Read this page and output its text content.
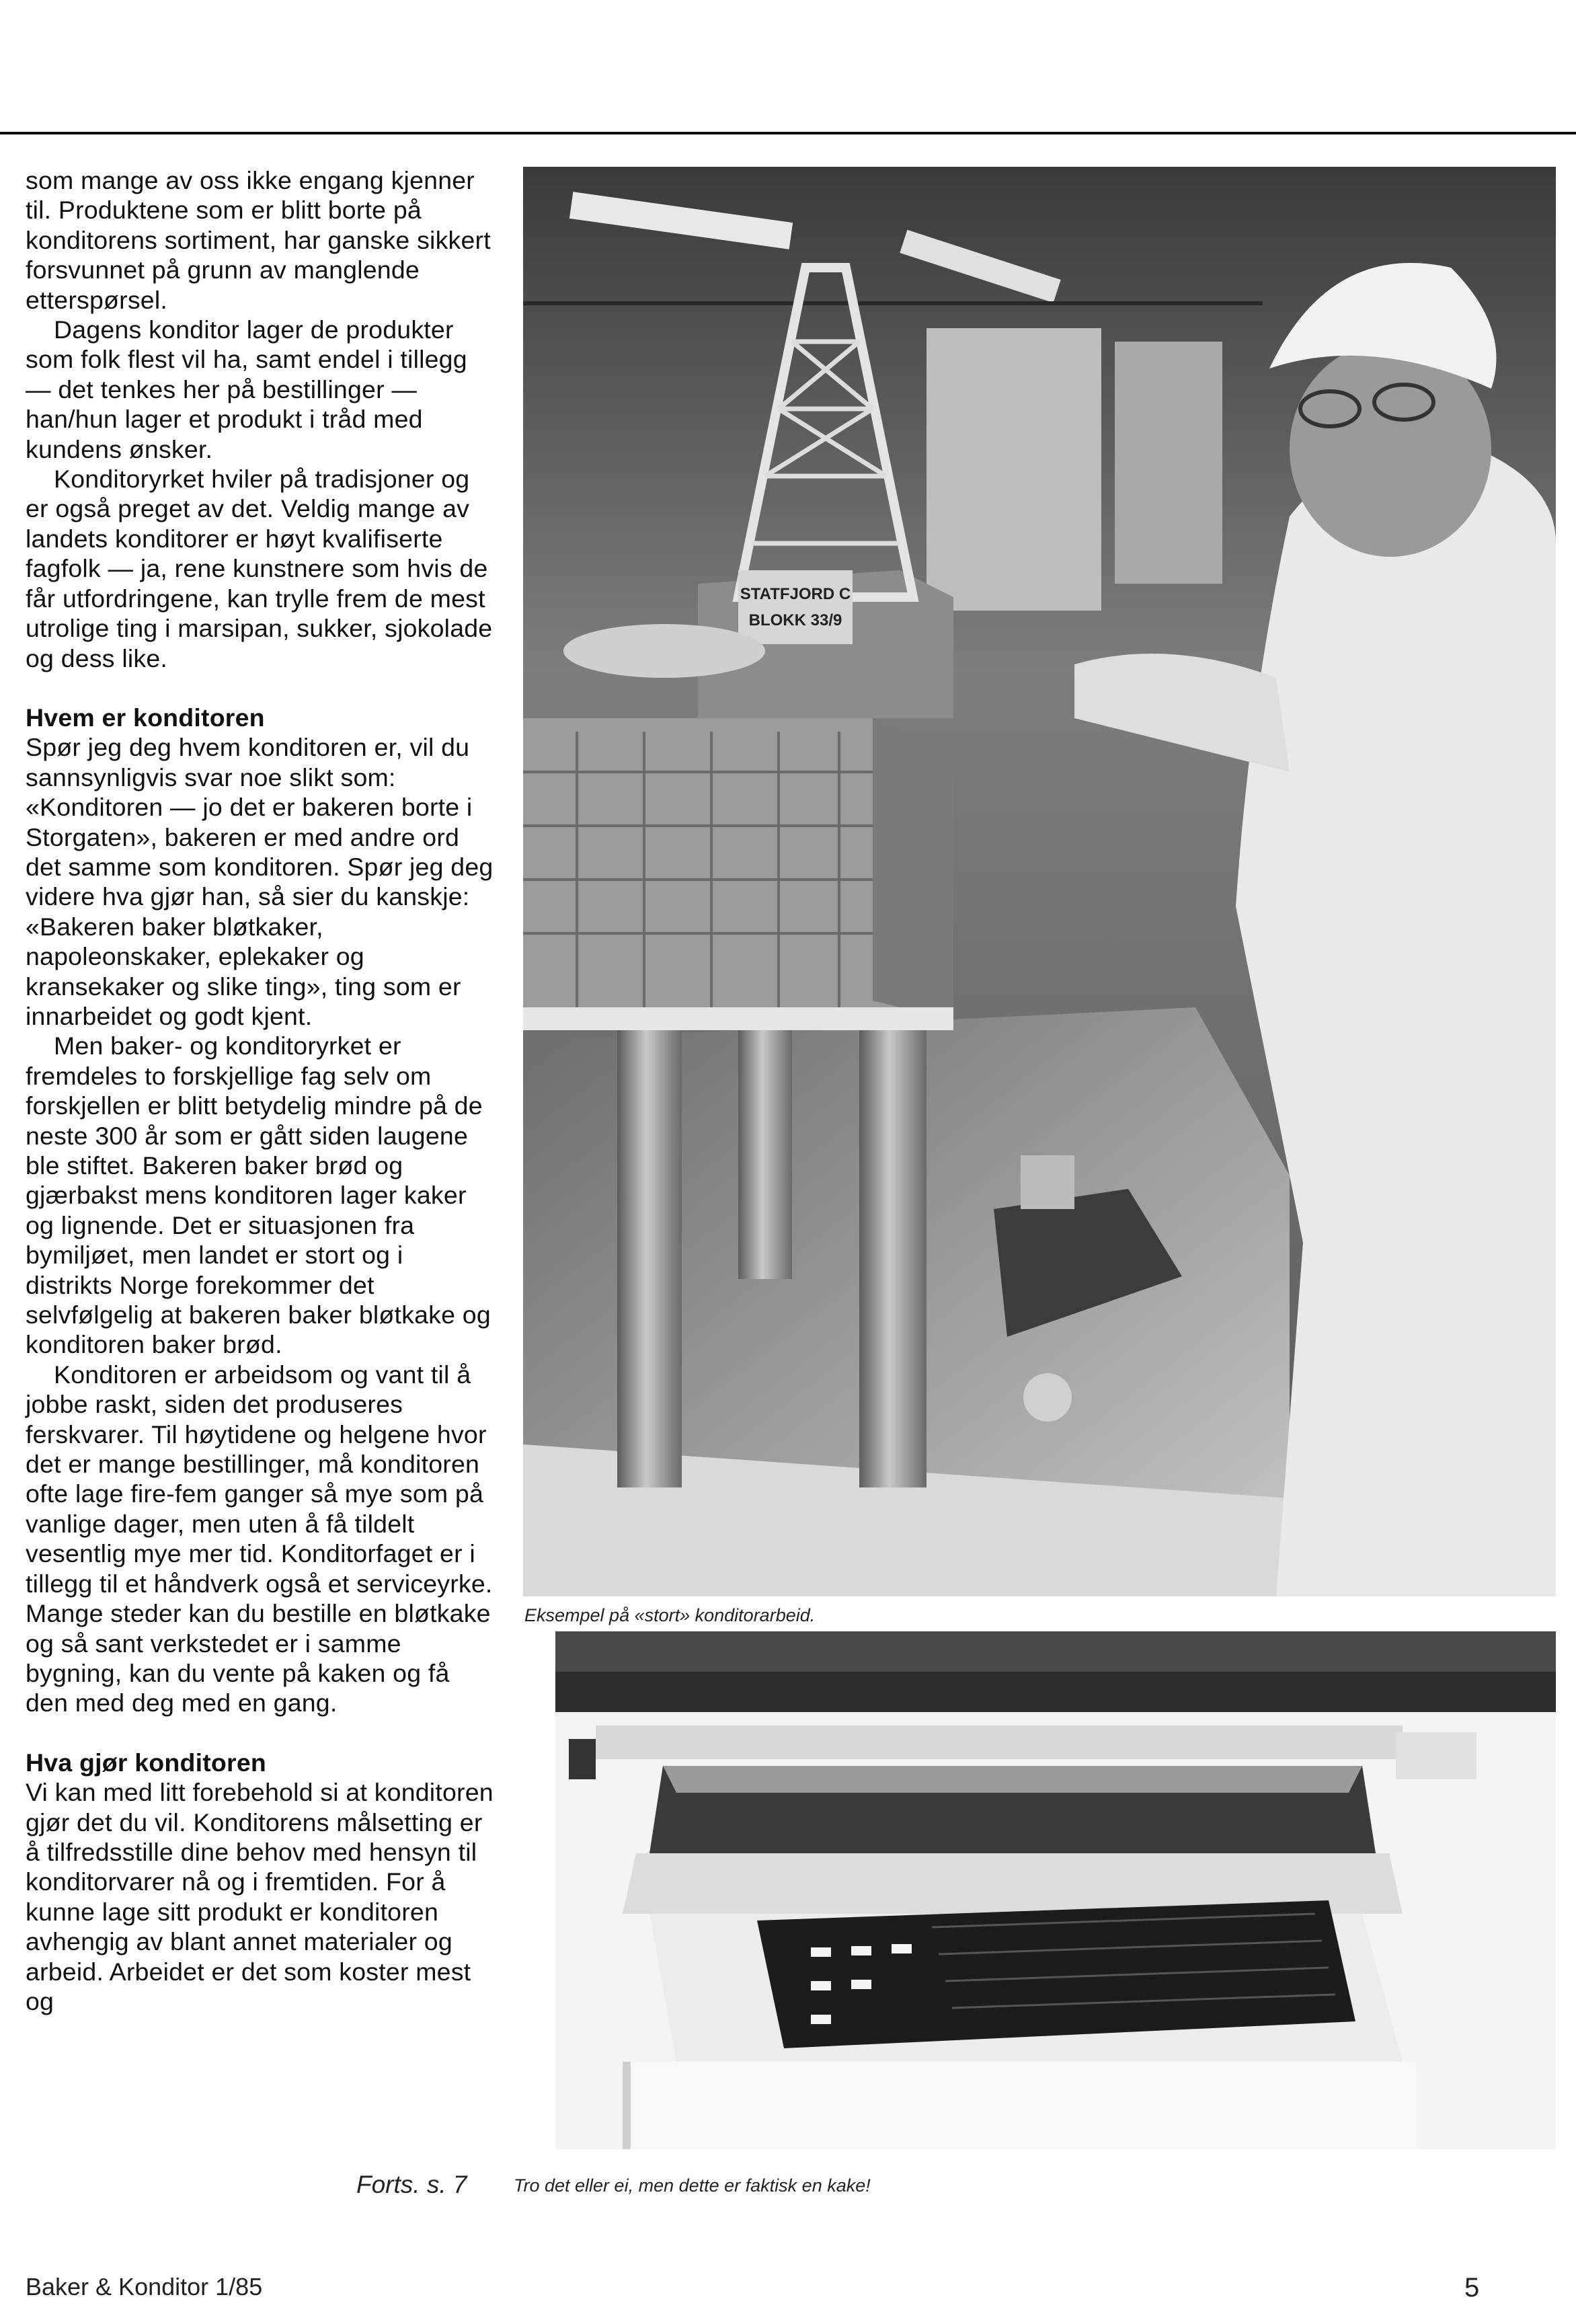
som mange av oss ikke engang kjenner til. Produktene som er blitt borte på konditorens sortiment, har ganske sikkert forsvunnet på grunn av manglende etterspørsel.

Dagens konditor lager de produkter som folk flest vil ha, samt endel i tillegg — det tenkes her på bestillinger — han/hun lager et produkt i tråd med kundens ønsker.

Konditoryrket hviler på tradisjoner og er også preget av det. Veldig mange av landets konditorer er høyt kvalifiserte fagfolk — ja, rene kunstnere som hvis de får utfordringene, kan trylle frem de mest utrolige ting i marsipan, sukker, sjokolade og dess like.

Hvem er konditoren

Spør jeg deg hvem konditoren er, vil du sannsynligvis svar noe slikt som: «Konditoren — jo det er bakeren borte i Storgaten», bakeren er med andre ord det samme som konditoren. Spør jeg deg videre hva gjør han, så sier du kanskje: «Bakeren baker bløtkaker, napoleonskaker, eplekaker og kransekaker og slike ting», ting som er innarbeidet og godt kjent.

Men baker- og konditoryrket er fremdeles to forskjellige fag selv om forskjellen er blitt betydelig mindre på de neste 300 år som er gått siden laugene ble stiftet. Bakeren baker brød og gjærbakst mens konditoren lager kaker og lignende. Det er situasjonen fra bymiljøet, men landet er stort og i distrikts Norge forekommer det selvfølgelig at bakeren baker bløtkake og konditoren baker brød.

Konditoren er arbeidsom og vant til å jobbe raskt, siden det produseres ferskvarer. Til høytidene og helgene hvor det er mange bestillinger, må konditoren ofte lage fire-fem ganger så mye som på vanlige dager, men uten å få tildelt vesentlig mye mer tid. Konditorfaget er i tillegg til et håndverk også et serviceyrke. Mange steder kan du bestille en bløtkake og så sant verkstedet er i samme bygning, kan du vente på kaken og få den med deg med en gang.

Hva gjør konditoren

Vi kan med litt forebehold si at konditoren gjør det du vil. Konditorens målsetting er å tilfredsstille dine behov med hensyn til konditorvarer nå og i fremtiden. For å kunne lage sitt produkt er konditoren avhengig av blant annet materialer og arbeid. Arbeidet er det som koster mest og

Forts. s. 7
STATFJORD C
BLOKK 33/9
Eksempel på «stort» konditorarbeid.
Tro det eller ei, men dette er faktisk en kake!
Baker & Konditor 1/85	5
